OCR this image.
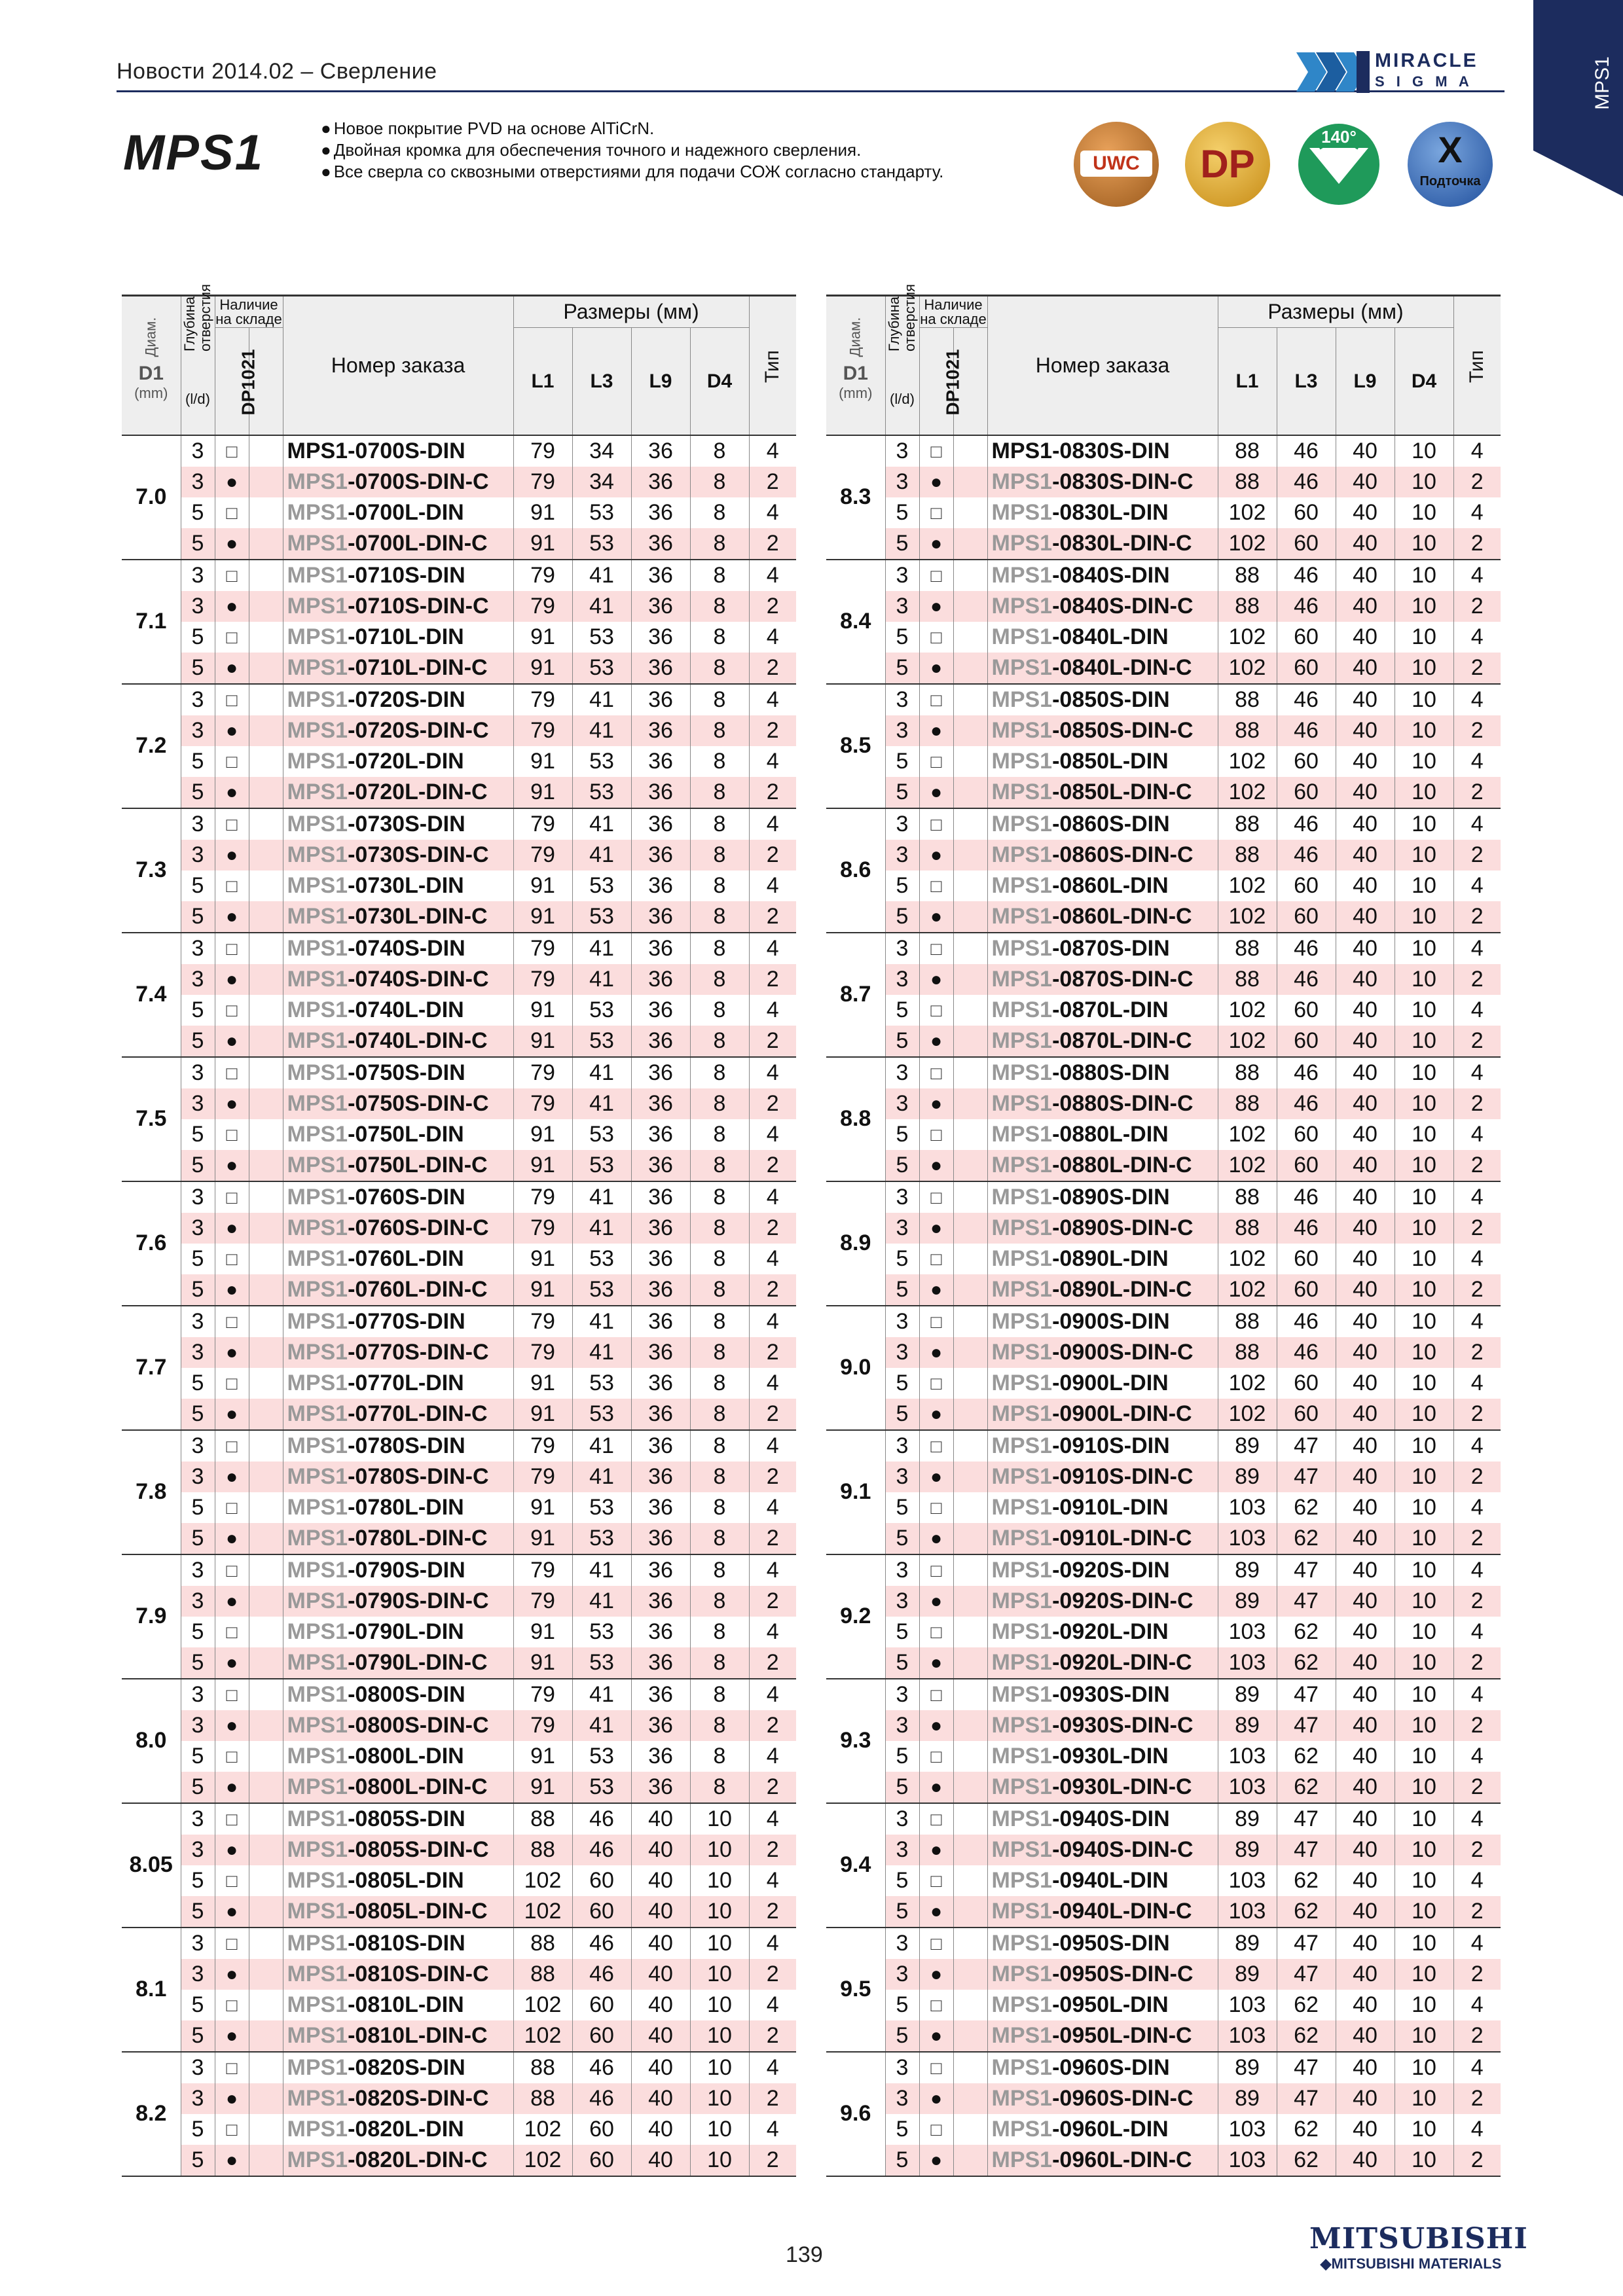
Новости 2014.02 – Сверление	MIRACLE
S I G M A	MPS1
MPS1	● Новое покрытие PVD на основе AlTiCrN.
● Двойная кромка для обеспечения точного и надежного сверления.
● Все сверла со сквозными отверстиями для подачи СОЖ согласно стандарту.	UWC	DP
140°	X
Подточка
Диам.

D1
(mm)	Глубина отверстия

(l/d)	Наличие на складе		Номер заказа	Размеры (мм)				Тип
		DP1021			L1	L3	L9	D4	
7.0	3	□		MPS1-0700S-DIN	79	34	36	8	4
	3	●		MPS1-0700S-DIN-C	79	34	36	8	2
	5	□		MPS1-0700L-DIN	91	53	36	8	4
	5	●		MPS1-0700L-DIN-C	91	53	36	8	2
7.1	3	□		MPS1-0710S-DIN	79	41	36	8	4
	3	●		MPS1-0710S-DIN-C	79	41	36	8	2
	5	□		MPS1-0710L-DIN	91	53	36	8	4
	5	●		MPS1-0710L-DIN-C	91	53	36	8	2
7.2	3	□		MPS1-0720S-DIN	79	41	36	8	4
	3	●		MPS1-0720S-DIN-C	79	41	36	8	2
	5	□		MPS1-0720L-DIN	91	53	36	8	4
	5	●		MPS1-0720L-DIN-C	91	53	36	8	2
7.3	3	□		MPS1-0730S-DIN	79	41	36	8	4
	3	●		MPS1-0730S-DIN-C	79	41	36	8	2
	5	□		MPS1-0730L-DIN	91	53	36	8	4
	5	●		MPS1-0730L-DIN-C	91	53	36	8	2
7.4	3	□		MPS1-0740S-DIN	79	41	36	8	4
	3	●		MPS1-0740S-DIN-C	79	41	36	8	2
	5	□		MPS1-0740L-DIN	91	53	36	8	4
	5	●		MPS1-0740L-DIN-C	91	53	36	8	2
7.5	3	□		MPS1-0750S-DIN	79	41	36	8	4
	3	●		MPS1-0750S-DIN-C	79	41	36	8	2
	5	□		MPS1-0750L-DIN	91	53	36	8	4
	5	●		MPS1-0750L-DIN-C	91	53	36	8	2
7.6	3	□		MPS1-0760S-DIN	79	41	36	8	4
	3	●		MPS1-0760S-DIN-C	79	41	36	8	2
	5	□		MPS1-0760L-DIN	91	53	36	8	4
	5	●		MPS1-0760L-DIN-C	91	53	36	8	2
7.7	3	□		MPS1-0770S-DIN	79	41	36	8	4
	3	●		MPS1-0770S-DIN-C	79	41	36	8	2
	5	□		MPS1-0770L-DIN	91	53	36	8	4
	5	●		MPS1-0770L-DIN-C	91	53	36	8	2
7.8	3	□		MPS1-0780S-DIN	79	41	36	8	4
	3	●		MPS1-0780S-DIN-C	79	41	36	8	2
	5	□		MPS1-0780L-DIN	91	53	36	8	4
	5	●		MPS1-0780L-DIN-C	91	53	36	8	2
7.9	3	□		MPS1-0790S-DIN	79	41	36	8	4
	3	●		MPS1-0790S-DIN-C	79	41	36	8	2
	5	□		MPS1-0790L-DIN	91	53	36	8	4
	5	●		MPS1-0790L-DIN-C	91	53	36	8	2
8.0	3	□		MPS1-0800S-DIN	79	41	36	8	4
	3	●		MPS1-0800S-DIN-C	79	41	36	8	2
	5	□		MPS1-0800L-DIN	91	53	36	8	4
	5	●		MPS1-0800L-DIN-C	91	53	36	8	2
8.05	3	□		MPS1-0805S-DIN	88	46	40	10	4
	3	●		MPS1-0805S-DIN-C	88	46	40	10	2
	5	□		MPS1-0805L-DIN	102	60	40	10	4
	5	●		MPS1-0805L-DIN-C	102	60	40	10	2
8.1	3	□		MPS1-0810S-DIN	88	46	40	10	4
	3	●		MPS1-0810S-DIN-C	88	46	40	10	2
	5	□		MPS1-0810L-DIN	102	60	40	10	4
	5	●		MPS1-0810L-DIN-C	102	60	40	10	2
8.2	3	□		MPS1-0820S-DIN	88	46	40	10	4
	3	●		MPS1-0820S-DIN-C	88	46	40	10	2
	5	□		MPS1-0820L-DIN	102	60	40	10	4
	5	●		MPS1-0820L-DIN-C	102	60	40	10	2
Диам.

D1
(mm)	Глубина отверстия

(l/d)	Наличие на складе		Номер заказа	Размеры (мм)				Тип
		DP1021			L1	L3	L9	D4	
8.3	3	□		MPS1-0830S-DIN	88	46	40	10	4
	3	●		MPS1-0830S-DIN-C	88	46	40	10	2
	5	□		MPS1-0830L-DIN	102	60	40	10	4
	5	●		MPS1-0830L-DIN-C	102	60	40	10	2
8.4	3	□		MPS1-0840S-DIN	88	46	40	10	4
	3	●		MPS1-0840S-DIN-C	88	46	40	10	2
	5	□		MPS1-0840L-DIN	102	60	40	10	4
	5	●		MPS1-0840L-DIN-C	102	60	40	10	2
8.5	3	□		MPS1-0850S-DIN	88	46	40	10	4
	3	●		MPS1-0850S-DIN-C	88	46	40	10	2
	5	□		MPS1-0850L-DIN	102	60	40	10	4
	5	●		MPS1-0850L-DIN-C	102	60	40	10	2
8.6	3	□		MPS1-0860S-DIN	88	46	40	10	4
	3	●		MPS1-0860S-DIN-C	88	46	40	10	2
	5	□		MPS1-0860L-DIN	102	60	40	10	4
	5	●		MPS1-0860L-DIN-C	102	60	40	10	2
8.7	3	□		MPS1-0870S-DIN	88	46	40	10	4
	3	●		MPS1-0870S-DIN-C	88	46	40	10	2
	5	□		MPS1-0870L-DIN	102	60	40	10	4
	5	●		MPS1-0870L-DIN-C	102	60	40	10	2
8.8	3	□		MPS1-0880S-DIN	88	46	40	10	4
	3	●		MPS1-0880S-DIN-C	88	46	40	10	2
	5	□		MPS1-0880L-DIN	102	60	40	10	4
	5	●		MPS1-0880L-DIN-C	102	60	40	10	2
8.9	3	□		MPS1-0890S-DIN	88	46	40	10	4
	3	●		MPS1-0890S-DIN-C	88	46	40	10	2
	5	□		MPS1-0890L-DIN	102	60	40	10	4
	5	●		MPS1-0890L-DIN-C	102	60	40	10	2
9.0	3	□		MPS1-0900S-DIN	88	46	40	10	4
	3	●		MPS1-0900S-DIN-C	88	46	40	10	2
	5	□		MPS1-0900L-DIN	102	60	40	10	4
	5	●		MPS1-0900L-DIN-C	102	60	40	10	2
9.1	3	□		MPS1-0910S-DIN	89	47	40	10	4
	3	●		MPS1-0910S-DIN-C	89	47	40	10	2
	5	□		MPS1-0910L-DIN	103	62	40	10	4
	5	●		MPS1-0910L-DIN-C	103	62	40	10	2
9.2	3	□		MPS1-0920S-DIN	89	47	40	10	4
	3	●		MPS1-0920S-DIN-C	89	47	40	10	2
	5	□		MPS1-0920L-DIN	103	62	40	10	4
	5	●		MPS1-0920L-DIN-C	103	62	40	10	2
9.3	3	□		MPS1-0930S-DIN	89	47	40	10	4
	3	●		MPS1-0930S-DIN-C	89	47	40	10	2
	5	□		MPS1-0930L-DIN	103	62	40	10	4
	5	●		MPS1-0930L-DIN-C	103	62	40	10	2
9.4	3	□		MPS1-0940S-DIN	89	47	40	10	4
	3	●		MPS1-0940S-DIN-C	89	47	40	10	2
	5	□		MPS1-0940L-DIN	103	62	40	10	4
	5	●		MPS1-0940L-DIN-C	103	62	40	10	2
9.5	3	□		MPS1-0950S-DIN	89	47	40	10	4
	3	●		MPS1-0950S-DIN-C	89	47	40	10	2
	5	□		MPS1-0950L-DIN	103	62	40	10	4
	5	●		MPS1-0950L-DIN-C	103	62	40	10	2
9.6	3	□		MPS1-0960S-DIN	89	47	40	10	4
	3	●		MPS1-0960S-DIN-C	89	47	40	10	2
	5	□		MPS1-0960L-DIN	103	62	40	10	4
	5	●		MPS1-0960L-DIN-C	103	62	40	10	2
139	MITSUBISHI
◆MITSUBISHI MATERIALS
